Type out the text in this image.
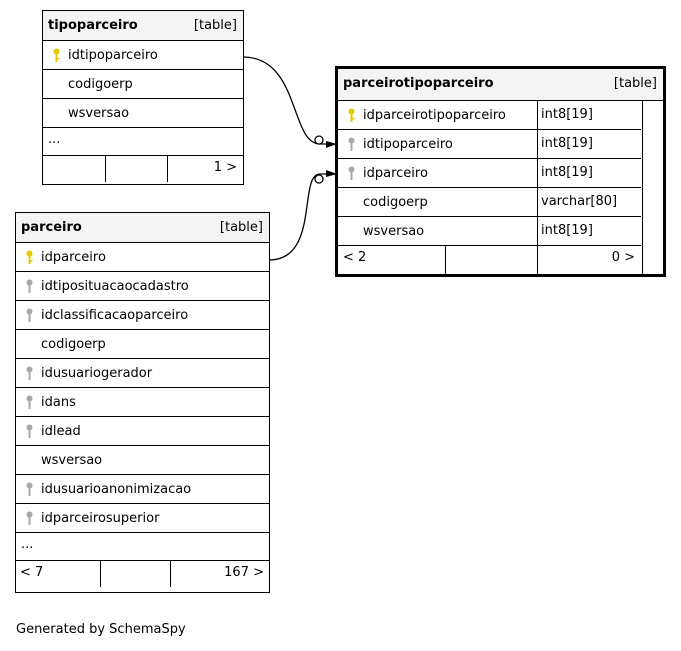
tipoparceiro	[table]
idtipoparceiro
codigoerp
wsversao
...
1 >
parceirotipoparceiro	[table]
idparceirotipoparceiro	int8[19]
idtipoparceiro	int8[19]
idparceiro	int8[19]
codigoerp	varchar[80]
wsversao	int8[19]
< 2	0 >
parceiro	[table]
idparceiro
idtiposituacaocadastro
idclassificacaoparceiro
codigoerp
idusuariogerador
idans
idlead
wsversao
idusuarioanonimizacao
idparceirosuperior
...
< 7	167 >
Generated by SchemaSpy
